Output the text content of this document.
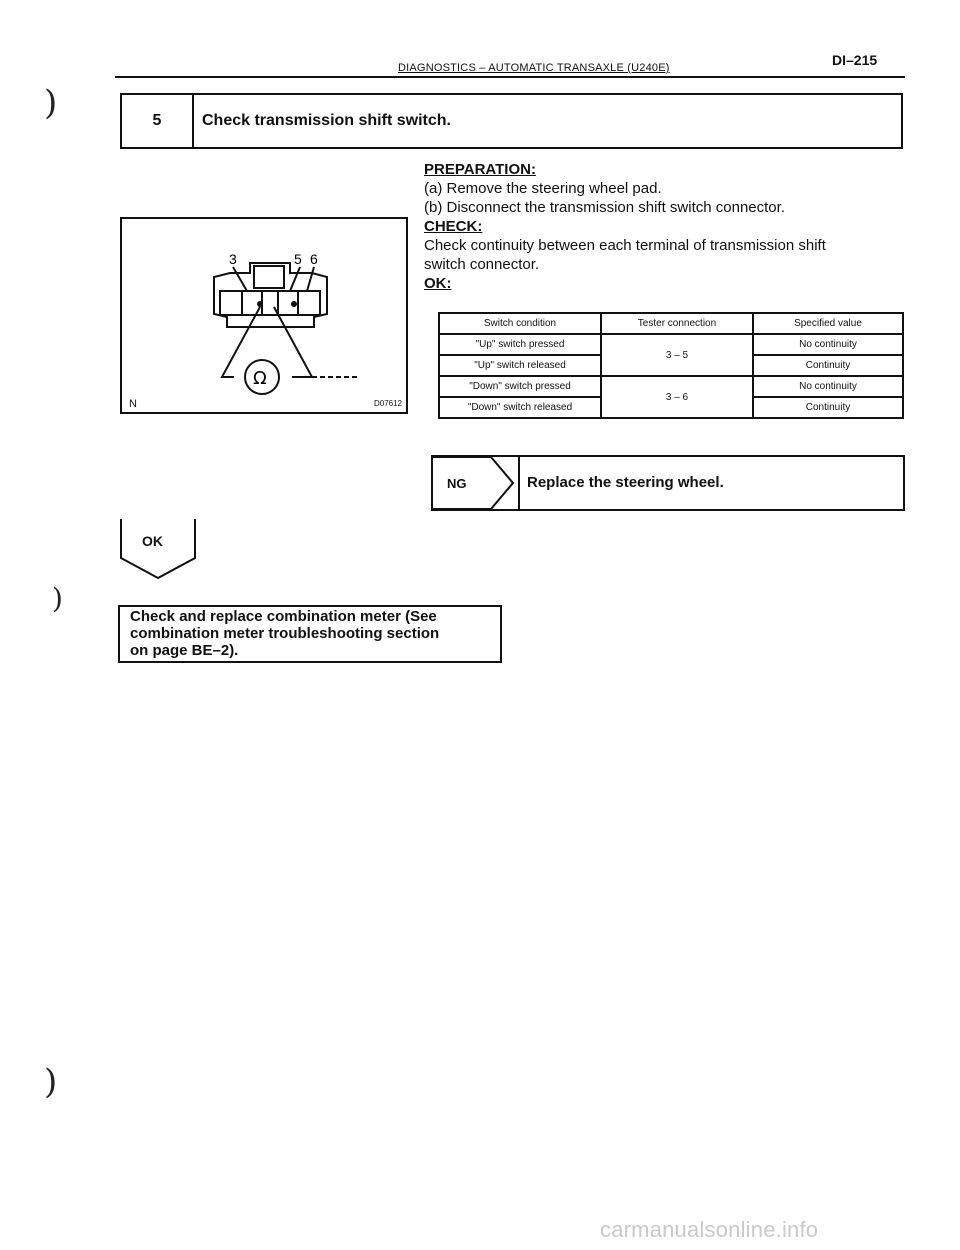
DIAGNOSTICS – AUTOMATIC TRANSAXLE (U240E)	DI–215
)
)
)
5	Check transmission shift switch.
3	5 6
Ω
N	D07612
PREPARATION:
(a) Remove the steering wheel pad.
(b) Disconnect the transmission shift switch connector.
CHECK:
Check continuity between each terminal of transmission shift
switch connector.
OK:
Switch condition	Tester connection	Specified value
"Up" switch pressed	3 – 5	No continuity
"Up" switch released		Continuity
"Down" switch pressed	3 – 6	No continuity
"Down" switch released		Continuity
NG	Replace the steering wheel.
OK
Check and replace combination meter (See
combination meter troubleshooting section
on page BE–2).
carmanualsonline.info
